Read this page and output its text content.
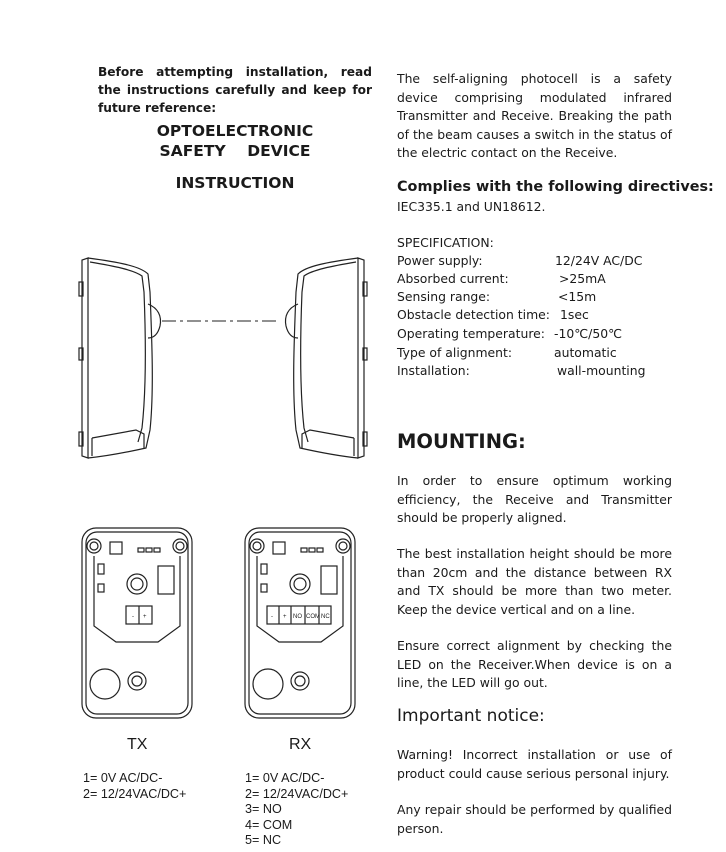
Before attempting installation, read the instructions carefully and keep for future reference:

OPTOELECTRONIC
SAFETY    DEVICE
INSTRUCTION
- +	- + NO COM NC
TX	RX
1= 0V AC/DC-
2= 12/24VAC/DC+
1= 0V AC/DC-
2= 12/24VAC/DC+
3= NO
4= COM
5= NC

The self-aligning photocell is a safety device comprising modulated infrared Transmitter and Receive. Breaking the path of the beam causes a switch in the status of the electric contact on the Receive.

Complies with the following directives:
IEC335.1 and UN18612.
SPECIFICATION:
Power supply:	12/24V AC/DC
Absorbed current:	>25mA
Sensing range:	<15m
Obstacle detection time: 1sec
Operating temperature: -10℃/50℃
Type of alignment:	automatic
Installation:	wall-mounting
MOUNTING:

In order to ensure optimum working efficiency, the Receive and Transmitter should be properly aligned.

The best installation height should be more than 20cm and the distance between RX and TX should be more than two meter. Keep the device vertical and on a line.

Ensure correct alignment by checking the LED on the Receiver.When device is on a line, the LED will go out.

Important notice:

Warning! Incorrect installation or use of product could cause serious personal injury.

Any repair should be performed by qualified person.
